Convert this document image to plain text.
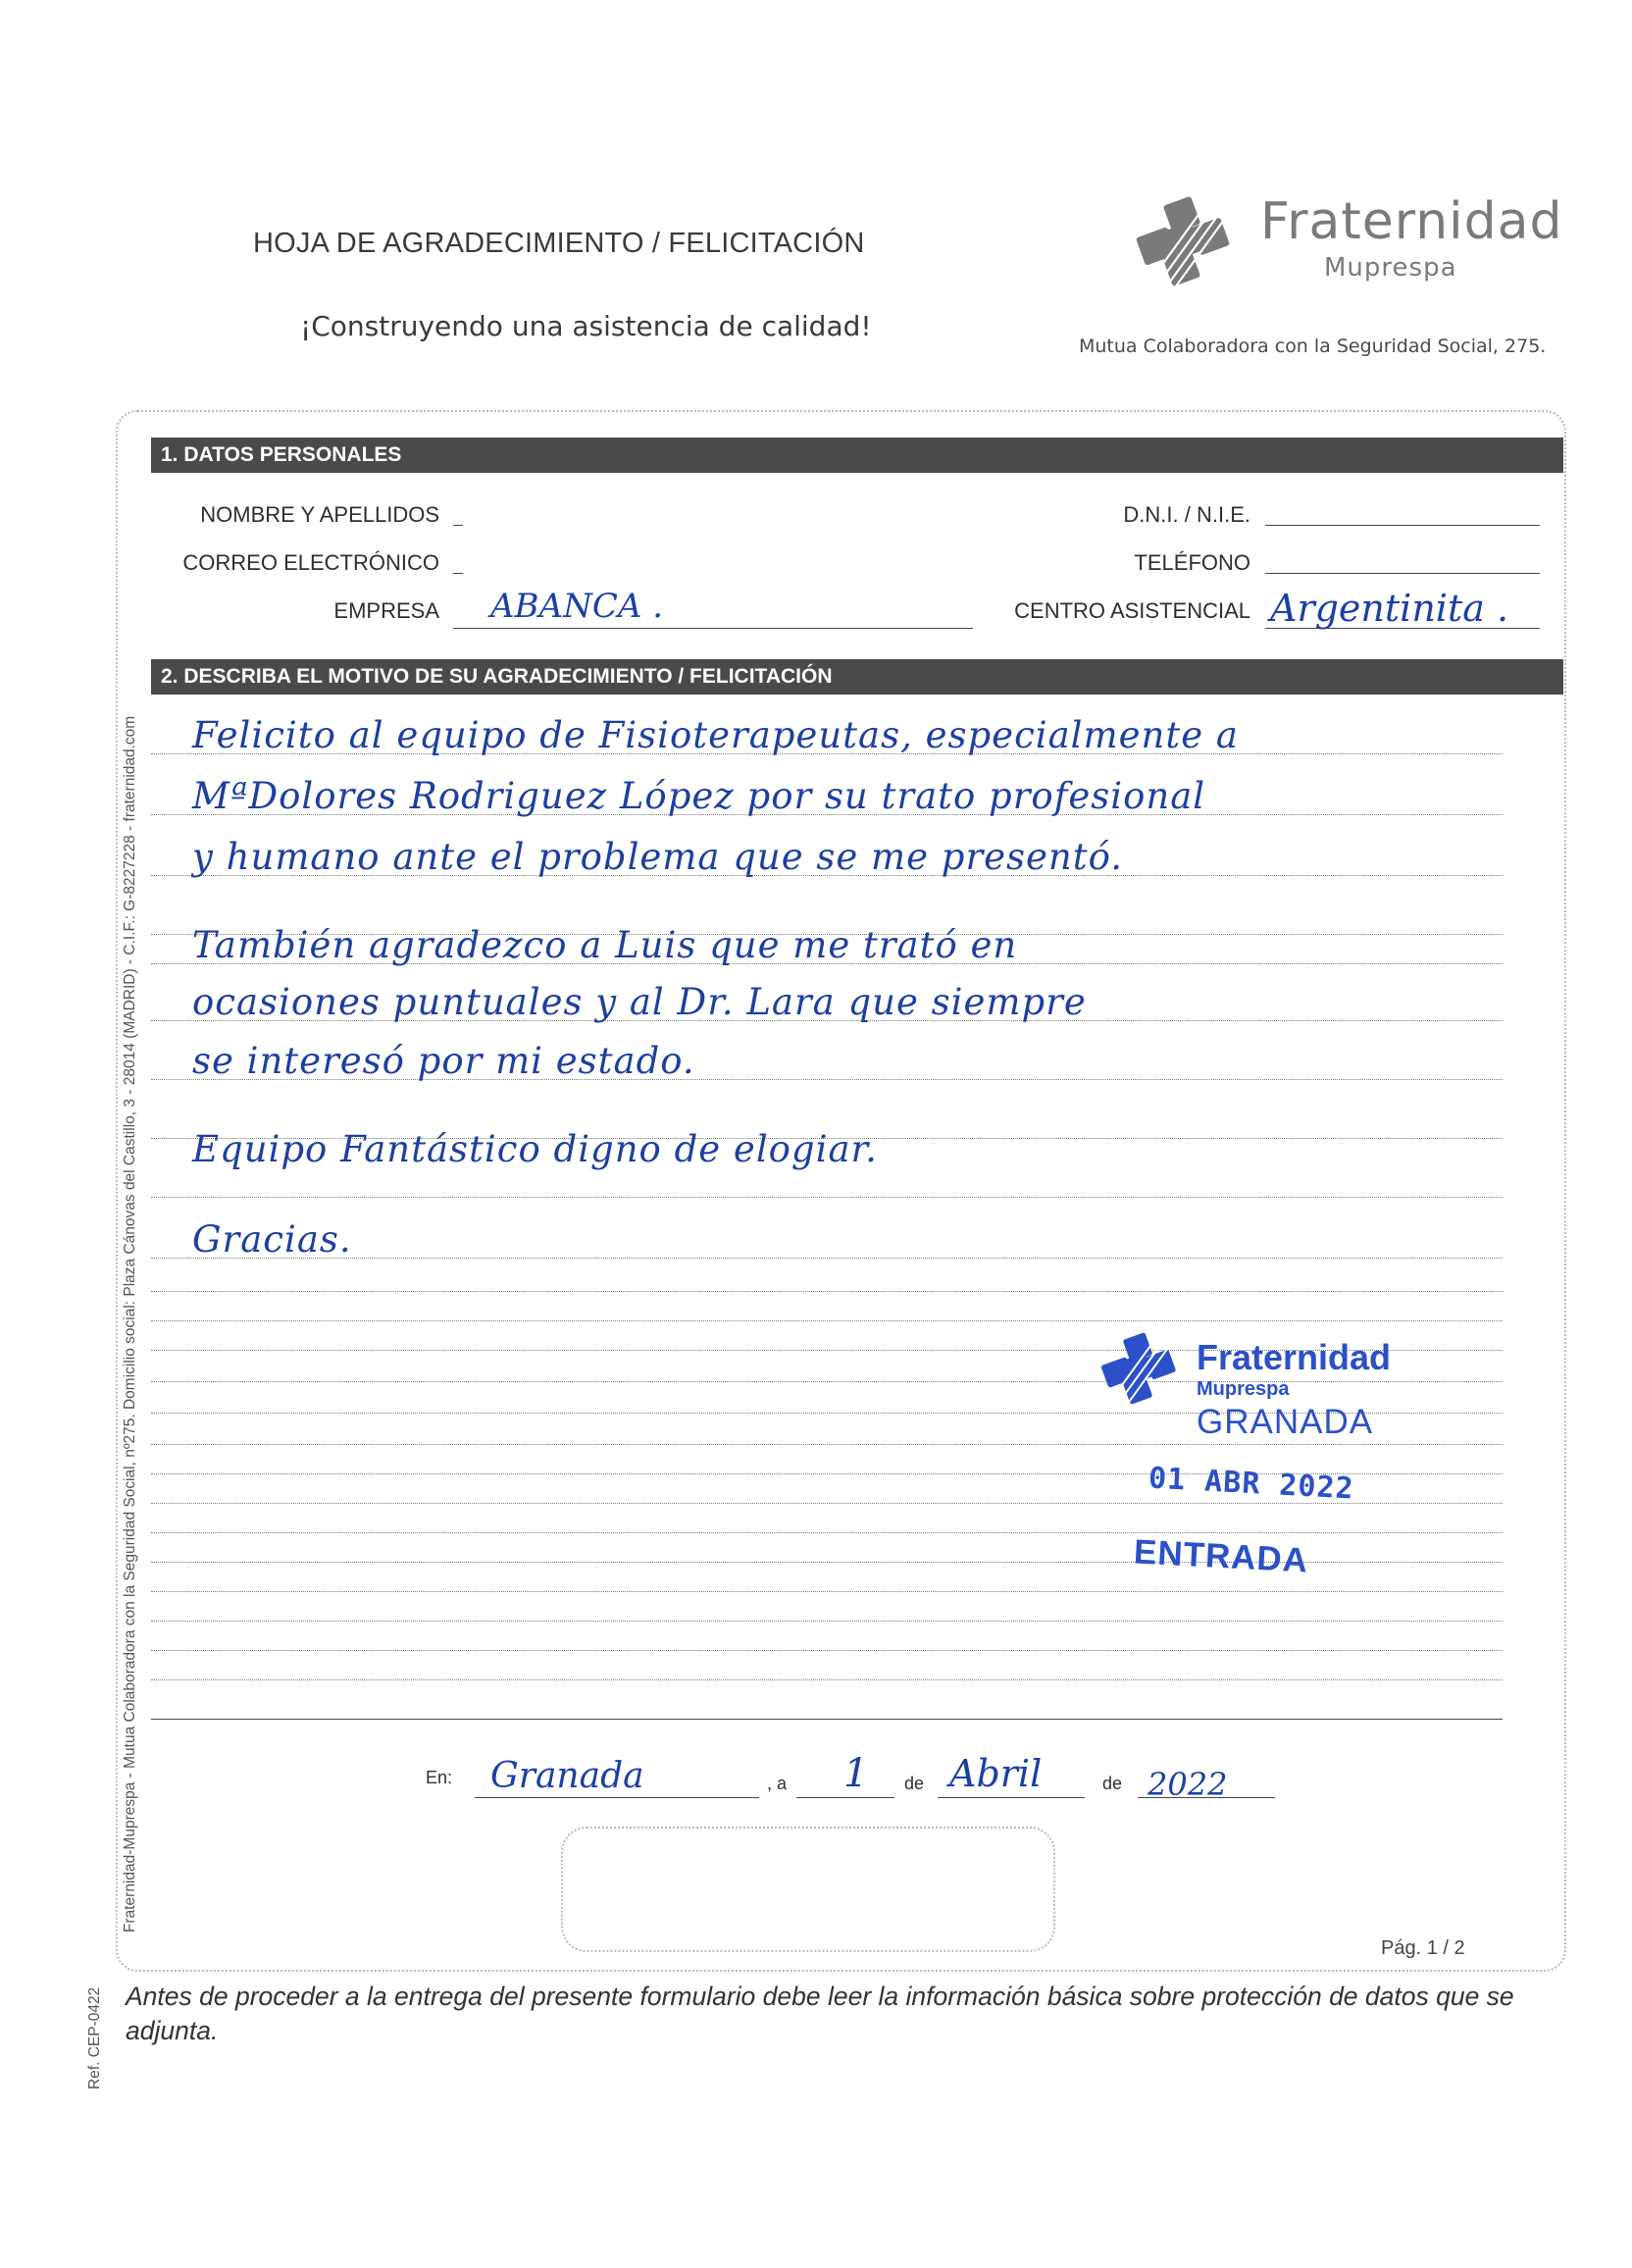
HOJA DE AGRADECIMIENTO / FELICITACIÓN
¡Construyendo una asistencia de calidad!
Fraternidad
Muprespa
Mutua Colaboradora con la Seguridad Social, 275.
Fraternidad-Muprespa - Mutua Colaboradora con la Seguridad Social, nº275. Domicilio social: Plaza Cánovas del Castillo, 3 - 28014 (MADRID) - C.I.F.: G-8227228 - fraternidad.com
Ref. CEP-0422
1. DATOS PERSONALES
NOMBRE Y APELLIDOS
CORREO ELECTRÓNICO
EMPRESA ABANCA .
D.N.I. / N.I.E.
TELÉFONO
CENTRO ASISTENCIAL Argentinita .
2. DESCRIBA EL MOTIVO DE SU AGRADECIMIENTO / FELICITACIÓN
Felicito al equipo de Fisioterapeutas, especialmente a
MªDolores Rodriguez López por su trato profesional
y humano ante el problema que se me presentó.
También agradezco a Luis que me trató en
ocasiones puntuales y al Dr. Lara que siempre
se interesó por mi estado.
Equipo Fantástico digno de elogiar.
Gracias.
Fraternidad
Muprespa
GRANADA
01 ABR 2022
ENTRADA
En: Granada	, a 1 de Abril	de 2022
Pág. 1 / 2
Antes de proceder a la entrega del presente formulario debe leer la información básica sobre protección de datos que se adjunta.
